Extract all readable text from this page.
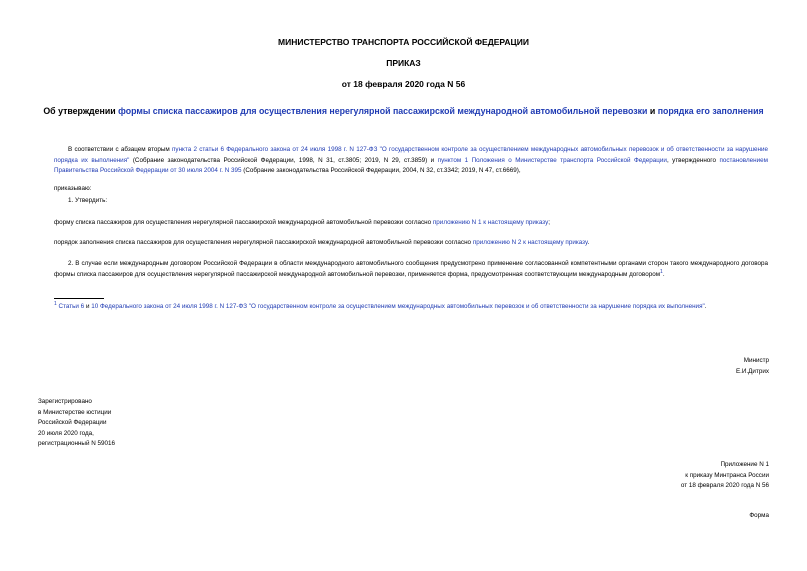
МИНИСТЕРСТВО ТРАНСПОРТА РОССИЙСКОЙ ФЕДЕРАЦИИ
ПРИКАЗ
от 18 февраля 2020 года N 56
Об утверждении формы списка пассажиров для осуществления нерегулярной пассажирской международной автомобильной перевозки и порядка его заполнения
В соответствии с абзацем вторым пункта 2 статьи 6 Федерального закона от 24 июля 1998 г. N 127-ФЗ "О государственном контроле за осуществлением международных автомобильных перевозок и об ответственности за нарушение порядка их выполнения" (Собрание законодательства Российской Федерации, 1998, N 31, ст.3805; 2019, N 29, ст.3859) и пунктом 1 Положения о Министерстве транспорта Российской Федерации, утвержденного постановлением Правительства Российской Федерации от 30 июля 2004 г. N 395 (Собрание законодательства Российской Федерации, 2004, N 32, ст.3342; 2019, N 47, ст.6669),
приказываю:
1. Утвердить:
форму списка пассажиров для осуществления нерегулярной пассажирской международной автомобильной перевозки согласно приложению N 1 к настоящему приказу;
порядок заполнения списка пассажиров для осуществления нерегулярной пассажирской международной автомобильной перевозки согласно приложению N 2 к настоящему приказу.
2. В случае если международным договором Российской Федерации в области международного автомобильного сообщения предусмотрено применение согласованной компетентными органами сторон такого международного договора формы списка пассажиров для осуществления нерегулярной пассажирской международной автомобильной перевозки, применяется форма, предусмотренная соответствующим международным договором$^1$.
$^1$ Статьи 6 и 10 Федерального закона от 24 июля 1998 г. N 127-ФЗ "О государственном контроле за осуществлением международных автомобильных перевозок и об ответственности за нарушение порядка их выполнения".
Министр
Е.И.Дитрих
Зарегистрировано
в Министерстве юстиции
Российской Федерации
20 июля 2020 года,
регистрационный N 59016
Приложение N 1
к приказу Минтранса России
от 18 февраля 2020 года N 56
Форма
